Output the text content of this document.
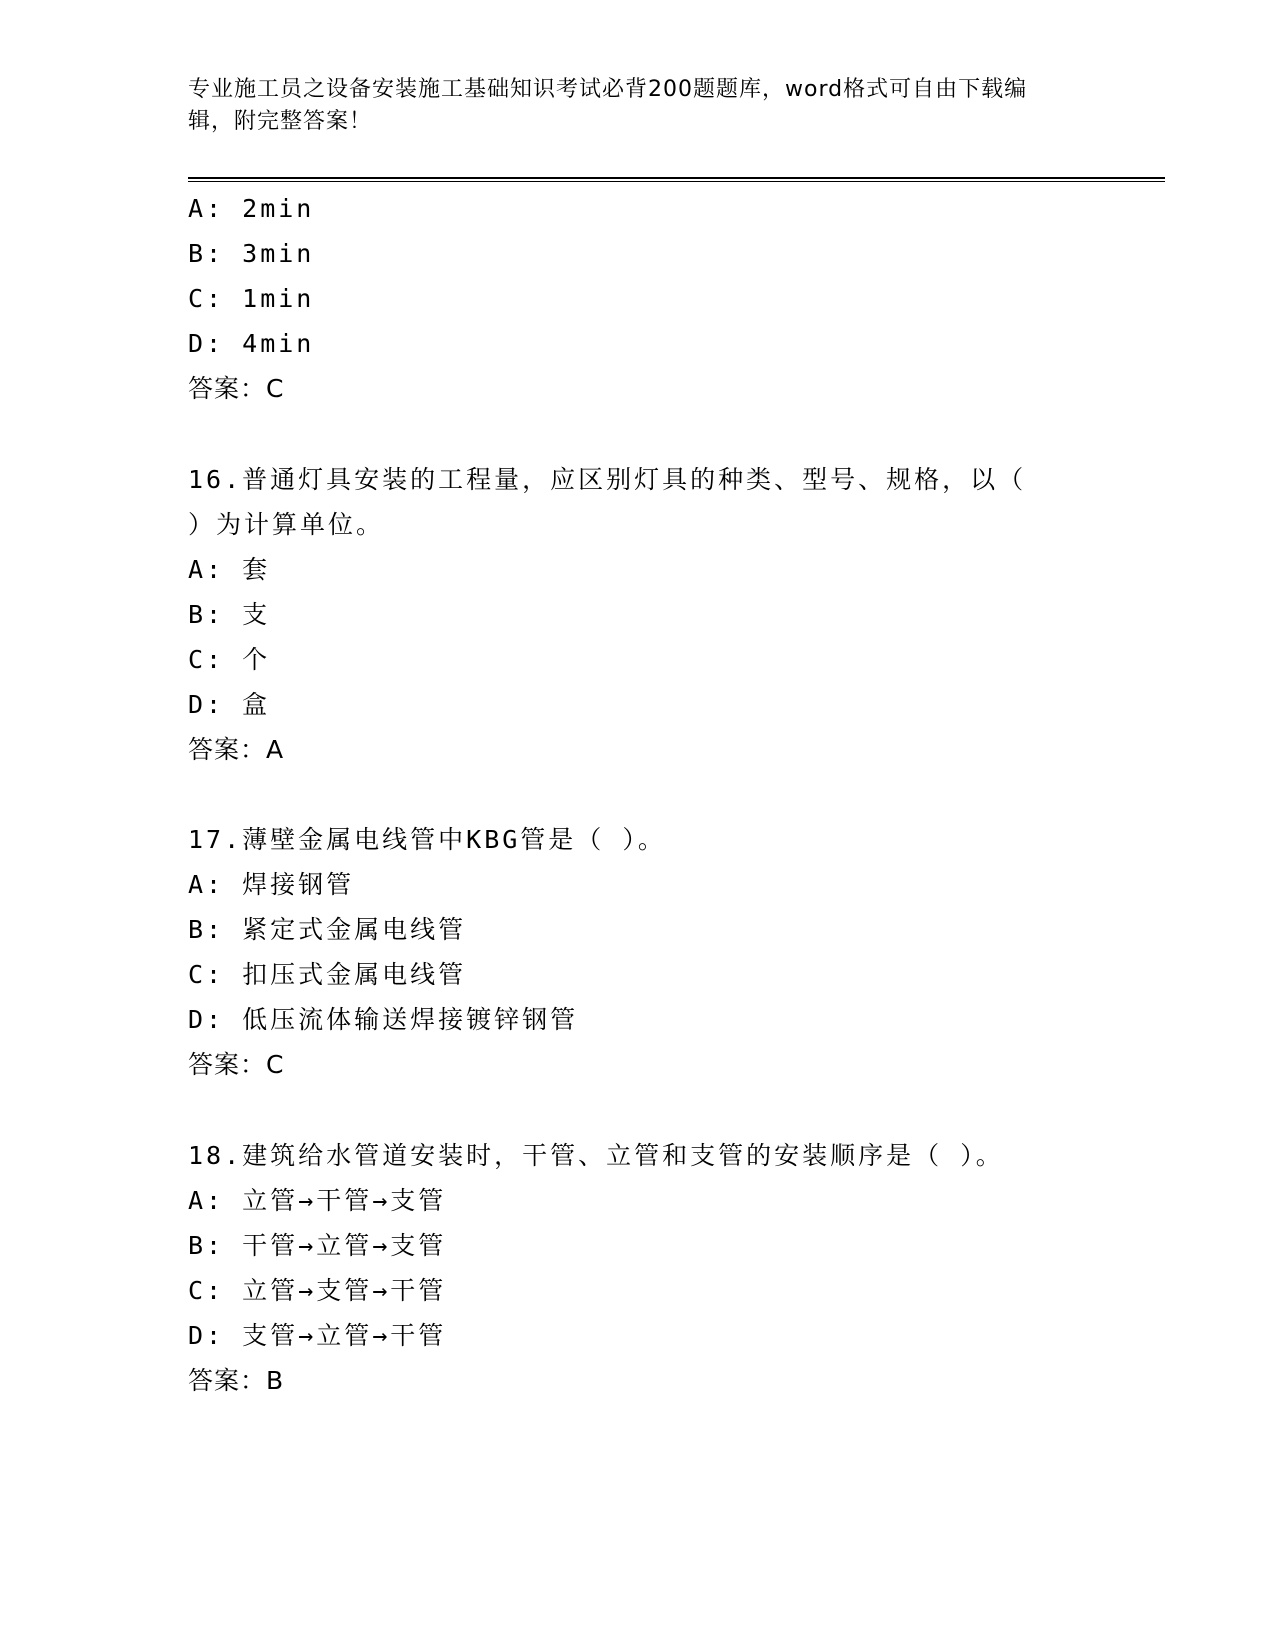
专业施工员之设备安装施工基础知识考试必背200题题库，word格式可自由下载编辑，附完整答案！
A: 2min
B: 3min
C: 1min
D: 4min
答案：C
16.普通灯具安装的工程量，应区别灯具的种类、型号、规格，以（
）为计算单位。
A: 套
B: 支
C: 个
D: 盒
答案：A
17.薄壁金属电线管中KBG管是（ ）。
A: 焊接钢管
B: 紧定式金属电线管
C: 扣压式金属电线管
D: 低压流体输送焊接镀锌钢管
答案：C
18.建筑给水管道安装时，干管、立管和支管的安装顺序是（ ）。
A: 立管→干管→支管
B: 干管→立管→支管
C: 立管→支管→干管
D: 支管→立管→干管
答案：B
